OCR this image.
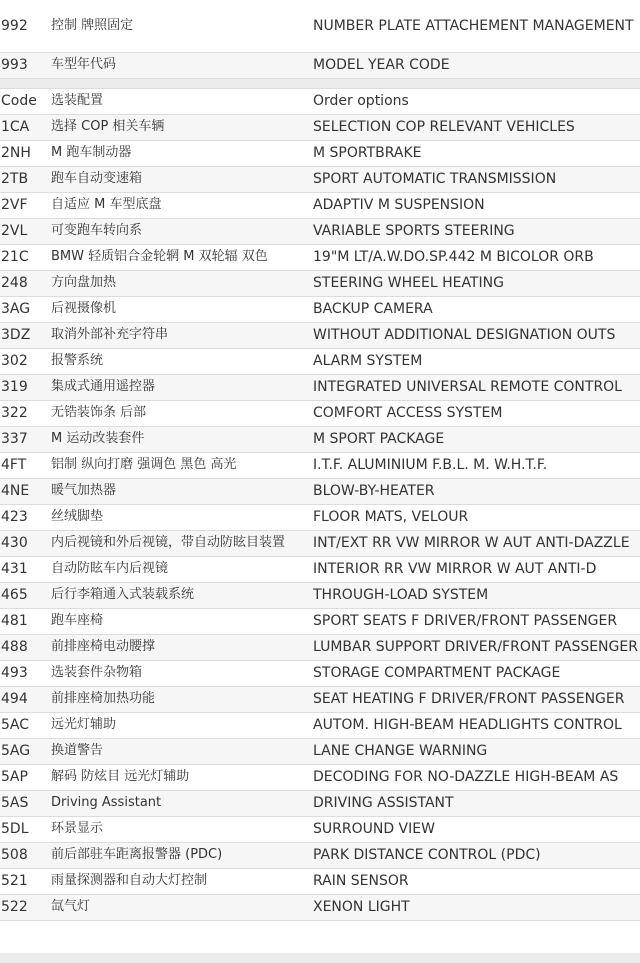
992	控制 牌照固定	NUMBER PLATE ATTACHEMENT MANAGEMENT
993	车型年代码	MODEL YEAR CODE

Code	选装配置	Order options
1CA	选择 COP 相关车辆	SELECTION COP RELEVANT VEHICLES
2NH	M 跑车制动器	M SPORTBRAKE
2TB	跑车自动变速箱	SPORT AUTOMATIC TRANSMISSION
2VF	自适应 M 车型底盘	ADAPTIV M SUSPENSION
2VL	可变跑车转向系	VARIABLE SPORTS STEERING
21C	BMW 轻质铝合金轮辋 M 双轮辐 双色	19"M LT/A.W.DO.SP.442 M BICOLOR ORB
248	方向盘加热	STEERING WHEEL HEATING
3AG	后视摄像机	BACKUP CAMERA
3DZ	取消外部补充字符串	WITHOUT ADDITIONAL DESIGNATION OUTS
302	报警系统	ALARM SYSTEM
319	集成式通用遥控器	INTEGRATED UNIVERSAL REMOTE CONTROL
322	无锆装饰条 后部	COMFORT ACCESS SYSTEM
337	M 运动改装套件	M SPORT PACKAGE
4FT	铝制 纵向打磨 强调色 黑色 高光	I.T.F. ALUMINIUM F.B.L. M. W.H.T.F.
4NE	暖气加热器	BLOW-BY-HEATER
423	丝绒脚垫	FLOOR MATS, VELOUR
430	内后视镜和外后视镜，带自动防眩目装置	INT/EXT RR VW MIRROR W AUT ANTI-DAZZLE
431	自动防眩车内后视镜	INTERIOR RR VW MIRROR W AUT ANTI-D
465	后行李箱通入式装载系统	THROUGH-LOAD SYSTEM
481	跑车座椅	SPORT SEATS F DRIVER/FRONT PASSENGER
488	前排座椅电动腰撑	LUMBAR SUPPORT DRIVER/FRONT PASSENGER
493	选装套件杂物箱	STORAGE COMPARTMENT PACKAGE
494	前排座椅加热功能	SEAT HEATING F DRIVER/FRONT PASSENGER
5AC	远光灯辅助	AUTOM. HIGH-BEAM HEADLIGHTS CONTROL
5AG	换道警告	LANE CHANGE WARNING
5AP	解码 防炫目 远光灯辅助	DECODING FOR NO-DAZZLE HIGH-BEAM AS
5AS	Driving Assistant	DRIVING ASSISTANT
5DL	环景显示	SURROUND VIEW
508	前后部驻车距离报警器 (PDC)	PARK DISTANCE CONTROL (PDC)
521	雨量探测器和自动大灯控制	RAIN SENSOR
522	氙气灯	XENON LIGHT
